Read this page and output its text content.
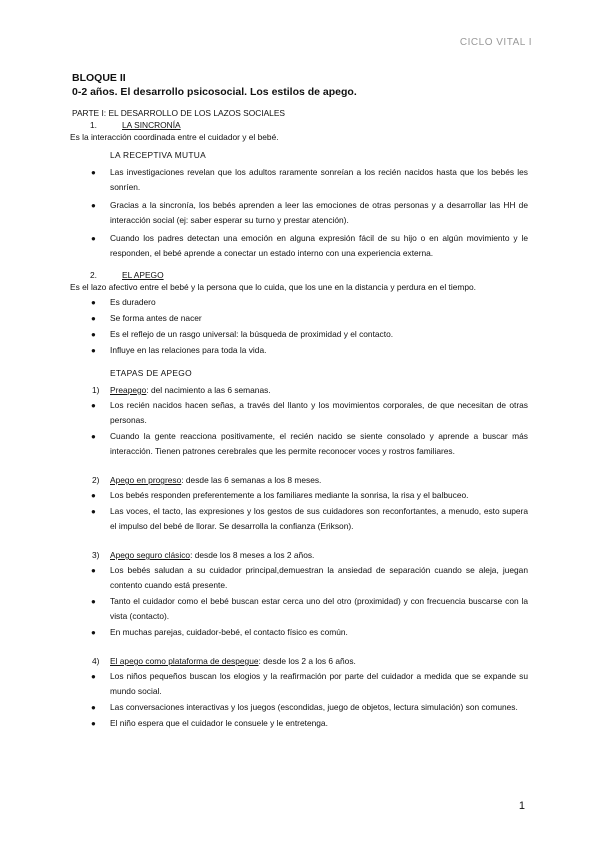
CICLO VITAL I
BLOQUE II
0-2 años. El desarrollo psicosocial. Los estilos de apego.
PARTE I: EL DESARROLLO DE LOS LAZOS SOCIALES
1.	LA SINCRONÍA
Es la interacción coordinada entre el cuidador y el bebé.
LA RECEPTIVA MUTUA
● Las investigaciones revelan que los adultos raramente sonreían a los recién nacidos hasta que los bebés les sonríen.
● Gracias a la sincronía, los bebés aprenden a leer las emociones de otras personas y a desarrollar las HH de interacción social (ej: saber esperar su turno y prestar atención).
● Cuando los padres detectan una emoción en alguna expresión fácil de su hijo o en algún movimiento y le responden, el bebé aprende a conectar un estado interno con una experiencia externa.
2.	EL APEGO
Es el lazo afectivo entre el bebé y la persona que lo cuida, que los une en la distancia y perdura en el tiempo.
● Es duradero
● Se forma antes de nacer
● Es el reflejo de un rasgo universal: la búsqueda de proximidad y el contacto.
● Influye en las relaciones para toda la vida.
ETAPAS DE APEGO
1)	Preapego: del nacimiento a las 6 semanas.
● Los recién nacidos hacen señas, a través del llanto y los movimientos corporales, de que necesitan de otras personas.
● Cuando la gente reacciona positivamente, el recién nacido se siente consolado y aprende a buscar más interacción. Tienen patrones cerebrales que les permite reconocer voces y rostros familiares.
2)	Apego en progreso: desde las 6 semanas a los 8 meses.
● Los bebés responden preferentemente a los familiares mediante la sonrisa, la risa y el balbuceo.
● Las voces, el tacto, las expresiones y los gestos de sus cuidadores son reconfortantes, a menudo, esto supera el impulso del bebé de llorar. Se desarrolla la confianza (Erikson).
3)	Apego seguro clásico: desde los 8 meses a los 2 años.
● Los bebés saludan a su cuidador principal,demuestran la ansiedad de separación cuando se aleja, juegan contento cuando está presente.
● Tanto el cuidador como el bebé buscan estar cerca uno del otro (proximidad) y con frecuencia buscarse con la vista (contacto).
● En muchas parejas, cuidador-bebé, el contacto físico es común.
4)	El apego como plataforma de despegue: desde los 2 a los 6 años.
● Los niños pequeños buscan los elogios y la reafirmación por parte del cuidador a medida que se expande su mundo social.
● Las conversaciones interactivas y los juegos (escondidas, juego de objetos, lectura simulación) son comunes.
● El niño espera que el cuidador le consuele y le entretenga.
1
